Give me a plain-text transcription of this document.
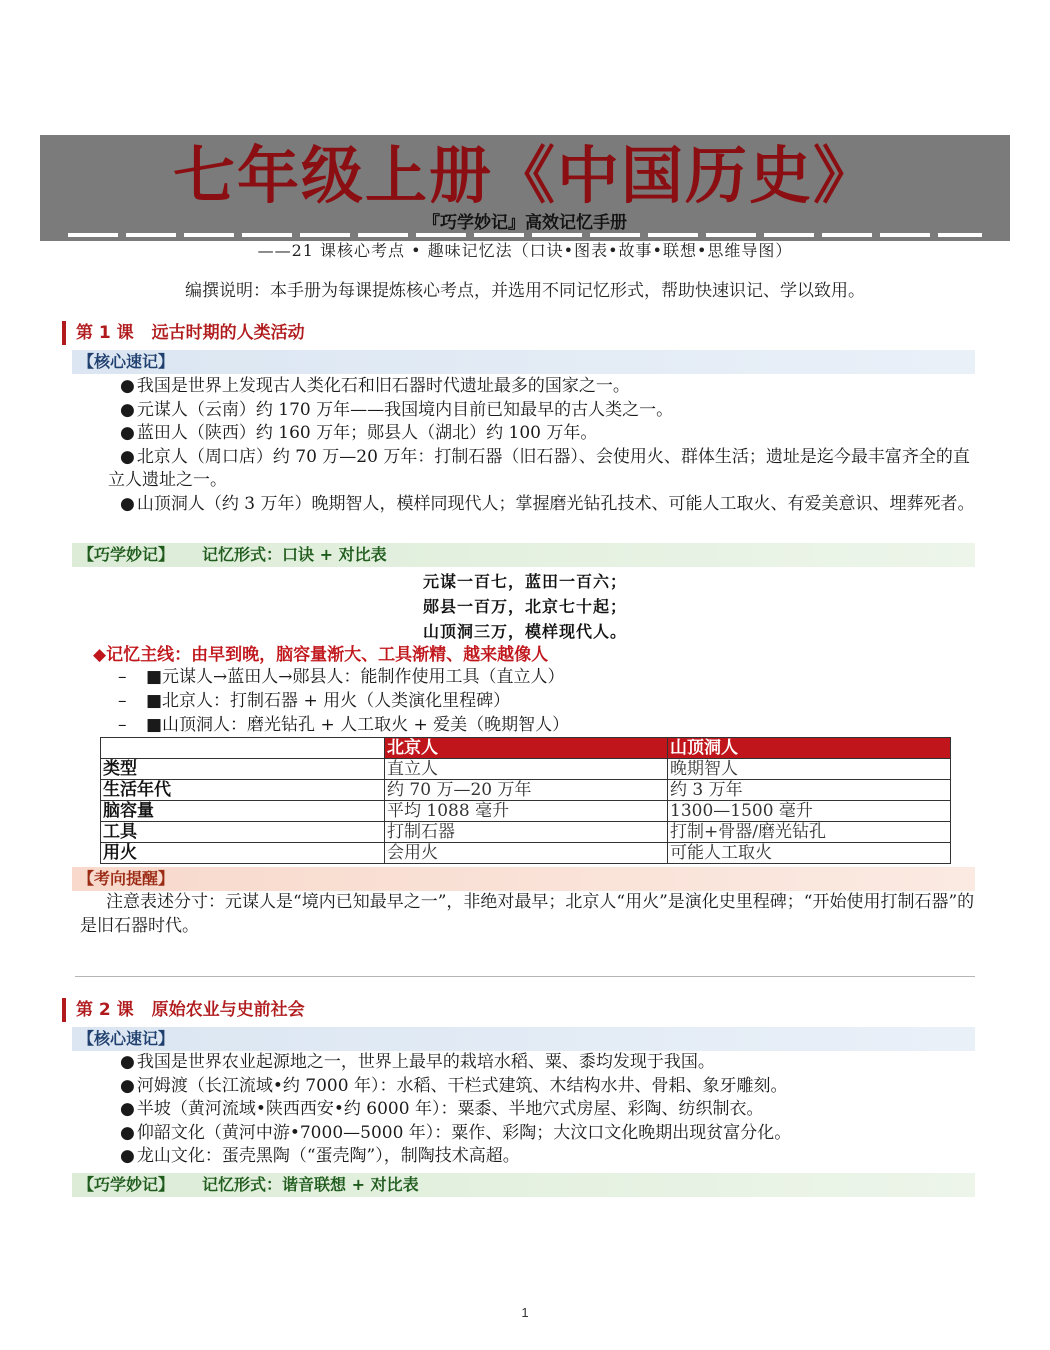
七年级上册《中国历史》
『巧学妙记』高效记忆手册
——21 课核心考点 • 趣味记忆法（口诀•图表•故事•联想•思维导图）
编撰说明：本手册为每课提炼核心考点，并选用不同记忆形式，帮助快速识记、学以致用。
第 1 课 远古时期的人类活动
【核心速记】
● 我国是世界上发现古人类化石和旧石器时代遗址最多的国家之一。
● 元谋人（云南）约 170 万年——我国境内目前已知最早的古人类之一。
● 蓝田人（陕西）约 160 万年；郧县人（湖北）约 100 万年。
● 北京人（周口店）约 70 万—20 万年：打制石器（旧石器）、会使用火、群体生活；遗址是迄今最丰富齐全的直立人遗址之一。
● 山顶洞人（约 3 万年）晚期智人，模样同现代人；掌握磨光钻孔技术、可能人工取火、有爱美意识、埋葬死者。
【巧学妙记】 记忆形式：口诀 + 对比表
元谋一百七，蓝田一百六；
郧县一百万，北京七十起；
山顶洞三万，模样现代人。
◆记忆主线：由早到晚，脑容量渐大、工具渐精、越来越像人
– ■元谋人→蓝田人→郧县人：能制作使用工具（直立人）
– ■北京人：打制石器 + 用火（人类演化里程碑）
– ■山顶洞人：磨光钻孔 + 人工取火 + 爱美（晚期智人）
	北京人	山顶洞人
类型	直立人	晚期智人
生活年代	约 70 万—20 万年	约 3 万年
脑容量	平均 1088 毫升	1300—1500 毫升
工具	打制石器	打制+骨器/磨光钻孔
用火	会用火	可能人工取火
【考向提醒】
注意表述分寸：元谋人是“境内已知最早之一”，非绝对最早；北京人“用火”是演化史里程碑；“开始使用打制石器”的是旧石器时代。
第 2 课 原始农业与史前社会
【核心速记】
● 我国是世界农业起源地之一，世界上最早的栽培水稻、粟、黍均发现于我国。
● 河姆渡（长江流域•约 7000 年）：水稻、干栏式建筑、木结构水井、骨耜、象牙雕刻。
● 半坡（黄河流域•陕西西安•约 6000 年）：粟黍、半地穴式房屋、彩陶、纺织制衣。
● 仰韶文化（黄河中游•7000—5000 年）：粟作、彩陶；大汶口文化晚期出现贫富分化。
● 龙山文化：蛋壳黑陶（“蛋壳陶”），制陶技术高超。
【巧学妙记】 记忆形式：谐音联想 + 对比表
1
